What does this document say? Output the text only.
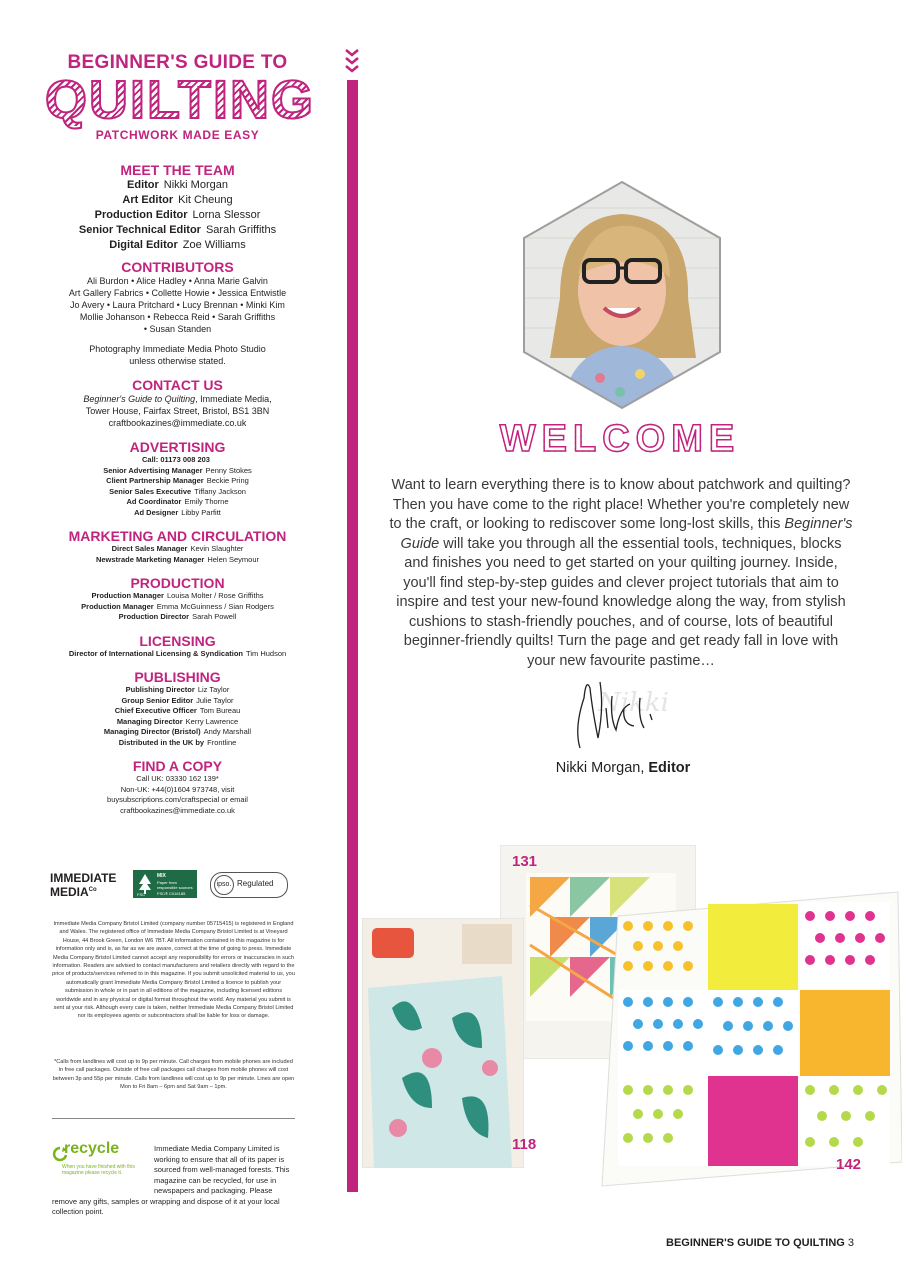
BEGINNER'S GUIDE TO
QUILTING
PATCHWORK MADE EASY
MEET THE TEAM
Editor Nikki Morgan
Art Editor Kit Cheung
Production Editor Lorna Slessor
Senior Technical Editor Sarah Griffiths
Digital Editor Zoe Williams
CONTRIBUTORS
Ali Burdon • Alice Hadley • Anna Marie Galvin
Art Gallery Fabrics • Collette Howie • Jessica Entwistle
Jo Avery • Laura Pritchard • Lucy Brennan • Minki Kim
Mollie Johanson • Rebecca Reid • Sarah Griffiths
• Susan Standen
Photography Immediate Media Photo Studio
unless otherwise stated.
CONTACT US
Beginner's Guide to Quilting, Immediate Media,
Tower House, Fairfax Street, Bristol, BS1 3BN
craftbookazines@immediate.co.uk
ADVERTISING
Call: 01173 008 203
Senior Advertising Manager Penny Stokes
Client Partnership Manager Beckie Pring
Senior Sales Executive Tiffany Jackson
Ad Coordinator Emily Thorne
Ad Designer Libby Parfitt
MARKETING AND CIRCULATION
Direct Sales Manager Kevin Slaughter
Newstrade Marketing Manager Helen Seymour
PRODUCTION
Production Manager Louisa Molter / Rose Griffiths
Production Manager Emma McGuinness / Sian Rodgers
Production Director Sarah Powell
LICENSING
Director of International Licensing & Syndication Tim Hudson
PUBLISHING
Publishing Director Liz Taylor
Group Senior Editor Julie Taylor
Chief Executive Officer Tom Bureau
Managing Director Kerry Lawrence
Managing Director (Bristol) Andy Marshall
Distributed in the UK by Frontline
FIND A COPY
Call UK: 03330 162 139*
Non-UK: +44(0)1604 973748, visit
buysubscriptions.com/craftspecial or email
craftbookazines@immediate.co.uk
IMMEDIATE
$MEDIA^{Co}$
FSC
MIX
Paper from responsible sources
FSC® C016185
ipso. Regulated
Immediate Media Company Bristol Limited (company number 05715415) is registered in England and Wales. The registered office of Immediate Media Company Bristol Limited is at Vineyard House, 44 Brook Green, London W6 7BT. All information contained in this magazine is for information only and is, as far as we are aware, correct at the time of going to press. Immediate Media Company Bristol Limited cannot accept any responsibility for errors or inaccuracies in such information. Readers are advised to contact manufacturers and retailers directly with regard to the price of products/services referred to in this magazine. If you submit unsolicited material to us, you automatically grant Immediate Media Company Bristol Limited a licence to publish your submission in whole or in part in all editions of the magazine, including licensed editions worldwide and in any physical or digital format throughout the world. Any material you submit is sent at your risk. Although every care is taken, neither Immediate Media Company Bristol Limited nor its employees agents or subcontractors shall be liable for loss or damage.
*Calls from landlines will cost up to 9p per minute. Call charges from mobile phones are included in free call packages. Outside of free call packages call charges from mobile phones will cost between 3p and 55p per minute. Calls from landlines will cost up to 9p per minute. Lines are open Mon to Fri 8am – 6pm and Sat 9am – 1pm.
recycle
When you have finished with this magazine please recycle it.
Immediate Media Company Limited is working to ensure that all of its paper is sourced from well-managed forests. This magazine can be recycled, for use in newspapers and packaging. Please remove any gifts, samples or wrapping and dispose of it at your local collection point.
WELCOME
Want to learn everything there is to know about patchwork and quilting? Then you have come to the right place! Whether you're completely new to the craft, or looking to rediscover some long-lost skills, this Beginner's Guide will take you through all the essential tools, techniques, blocks and finishes you need to get started on your quilting journey. Inside, you'll find step-by-step guides and clever project tutorials that aim to inspire and test your new-found knowledge along the way, from stylish cushions to stash-friendly pouches, and of course, lots of beautiful beginner-friendly quilts! Turn the page and get ready fall in love with your new favourite pastime…
Nikki
Nikki Morgan, Editor
131
118
142
BEGINNER'S GUIDE TO QUILTING 3
